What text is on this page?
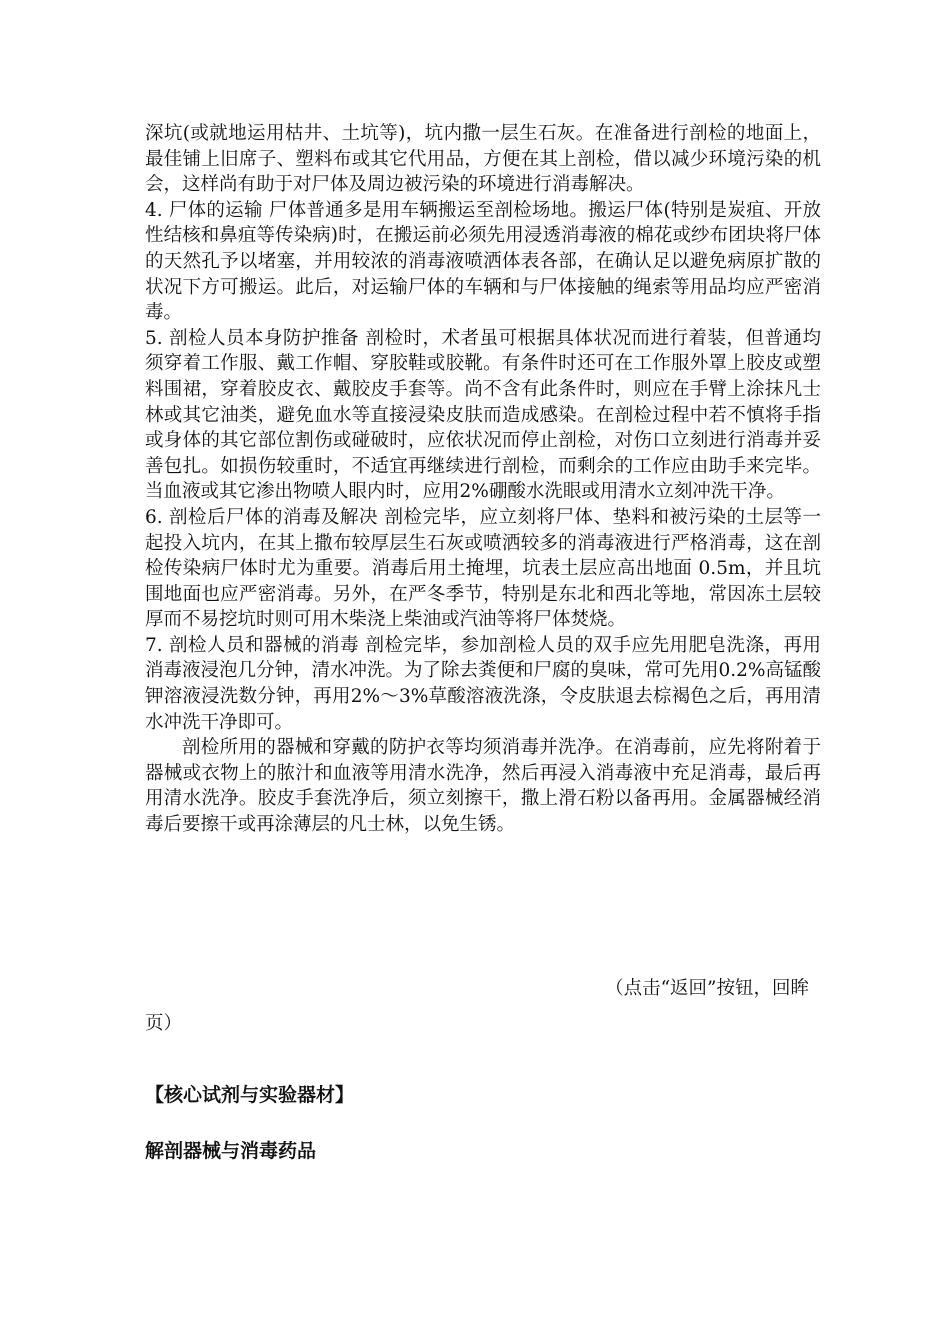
深坑(或就地运用枯井、土坑等)，坑内撒一层生石灰。在准备进行剖检的地面上，最佳铺上旧席子、塑料布或其它代用品，方便在其上剖检，借以减少环境污染的机会，这样尚有助于对尸体及周边被污染的环境进行消毒解决。

4. 尸体的运输 尸体普通多是用车辆搬运至剖检场地。搬运尸体(特别是炭疽、开放性结核和鼻疽等传染病)时，在搬运前必须先用浸透消毒液的棉花或纱布团块将尸体的天然孔予以堵塞，并用较浓的消毒液喷洒体表各部，在确认足以避免病原扩散的状况下方可搬运。此后，对运输尸体的车辆和与尸体接触的绳索等用品均应严密消毒。

5. 剖检人员本身防护推备 剖检时，术者虽可根据具体状况而进行着装，但普通均须穿着工作服、戴工作帽、穿胶鞋或胶靴。有条件时还可在工作服外罩上胶皮或塑料围裙，穿着胶皮衣、戴胶皮手套等。尚不含有此条件时，则应在手臂上涂抹凡士林或其它油类，避免血水等直接浸染皮肤而造成感染。在剖检过程中若不慎将手指或身体的其它部位割伤或碰破时，应依状况而停止剖检，对伤口立刻进行消毒并妥善包扎。如损伤较重时，不适宜再继续进行剖检，而剩余的工作应由助手来完毕。当血液或其它渗出物喷人眼内时，应用2%硼酸水洗眼或用清水立刻冲洗干净。

6. 剖检后尸体的消毒及解决 剖检完毕，应立刻将尸体、垫料和被污染的土层等一起投入坑内，在其上撒布较厚层生石灰或喷洒较多的消毒液进行严格消毒，这在剖检传染病尸体时尤为重要。消毒后用土掩埋，坑表土层应高出地面 0.5m，并且坑围地面也应严密消毒。另外，在严冬季节，特别是东北和西北等地，常因冻土层较厚而不易挖坑时则可用木柴浇上柴油或汽油等将尸体焚烧。

7. 剖检人员和器械的消毒 剖检完毕，参加剖检人员的双手应先用肥皂洗涤，再用消毒液浸泡几分钟，清水冲洗。为了除去粪便和尸腐的臭味，常可先用0.2%高锰酸钾溶液浸洗数分钟，再用2%～3%草酸溶液洗涤，令皮肤退去棕褐色之后，再用清水冲洗干净即可。

剖检所用的器械和穿戴的防护衣等均须消毒并洗净。在消毒前，应先将附着于器械或衣物上的脓汁和血液等用清水洗净，然后再浸入消毒液中充足消毒，最后再用清水洗净。胶皮手套洗净后，须立刻擦干，撒上滑石粉以备再用。金属器械经消毒后要擦干或再涂薄层的凡士林，以免生锈。

（点击“返回”按钮，回眸
页）
【核心试剂与实验器材】
解剖器械与消毒药品
